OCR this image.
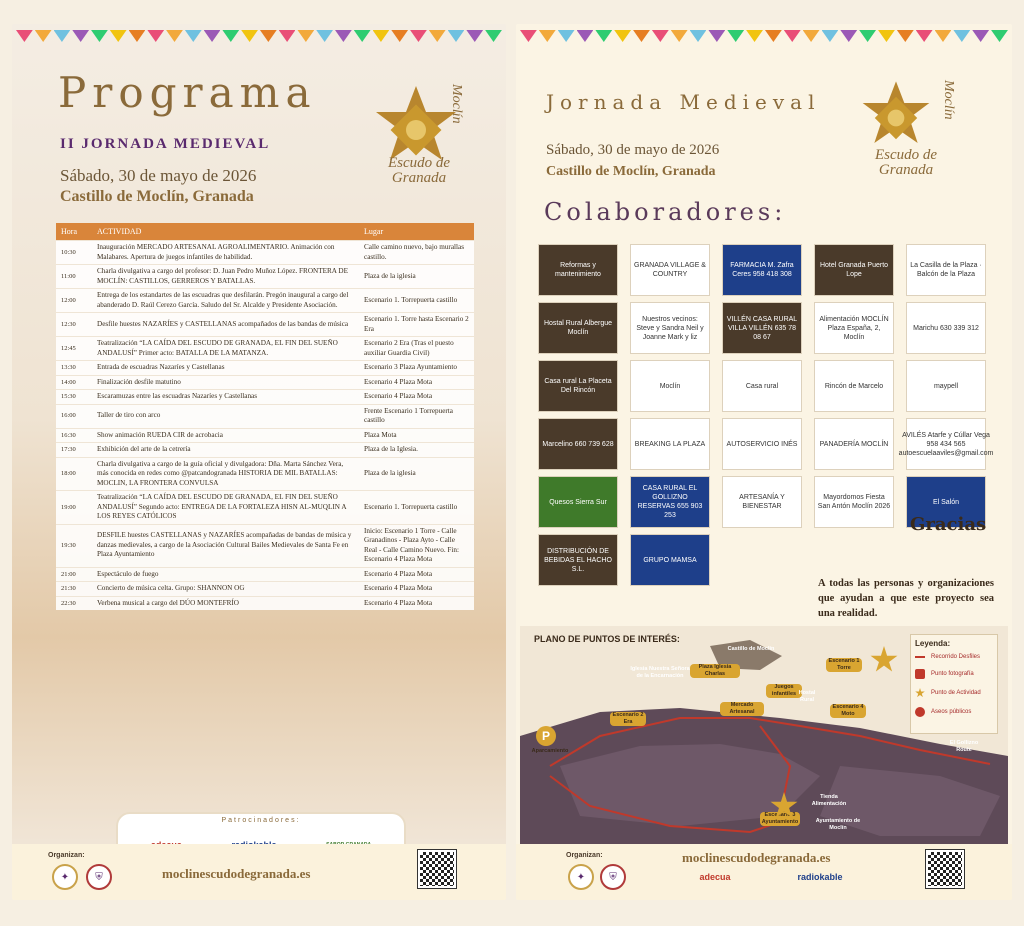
Programa
II JORNADA MEDIEVAL
Sábado, 30 de mayo de 2026
Castillo de Moclín, Granada
Moclín
Escudo de Granada
Hora	ACTIVIDAD	Lugar
10:30	Inauguración MERCADO ARTESANAL AGROALIMENTARIO. Animación con Malabares. Apertura de juegos infantiles de habilidad.	Calle camino nuevo, bajo murallas castillo.
11:00	Charla divulgativa a cargo del profesor: D. Juan Pedro Muñoz López. FRONTERA DE MOCLÍN: CASTILLOS, GERREROS Y BATALLAS.	Plaza de la iglesia
12:00	Entrega de los estandartes de las escuadras que desfilarán. Pregón inaugural a cargo del abanderado D. Raúl Cerezo García. Saludo del Sr. Alcalde y Presidente Asociación.	Escenario 1. Torrepuerta castillo
12:30	Desfile huestes NAZARÍES y CASTELLANAS acompañados de las bandas de música	Escenario 1. Torre hasta Escenario 2 Era
12:45	Teatralización “LA CAÍDA DEL ESCUDO DE GRANADA, EL FIN DEL SUEÑO ANDALUSÍ” Primer acto: BATALLA DE LA MATANZA.	Escenario 2 Era (Tras el puesto auxiliar Guardia Civil)
13:30	Entrada de escuadras Nazaríes y Castellanas	Escenario 3 Plaza Ayuntamiento
14:00	Finalización desfile matutino	Escenario 4 Plaza Mota
15:30	Escaramuzas entre las escuadras Nazaríes y Castellanas	Escenario 4 Plaza Mota
16:00	Taller de tiro con arco	Frente Escenario 1 Torrepuerta castillo
16:30	Show animación RUEDA CIR de acrobacia	Plaza Mota
17:30	Exhibición del arte de la cetrería	Plaza de la Iglesia.
18:00	Charla divulgativa a cargo de la guía oficial y divulgadora: Dña. Marta Sánchez Vera, más conocida en redes como @patcandogranada HISTORIA DE MIL BATALLAS: MOCLIN, LA FRONTERA CONVULSA	Plaza de la iglesia
19:00	Teatralización “LA CAÍDA DEL ESCUDO DE GRANADA, EL FIN DEL SUEÑO ANDALUSÍ” Segundo acto: ENTREGA DE LA FORTALEZA HISN AL-MUQLIN A LOS REYES CATÓLICOS	Escenario 1. Torrepuerta castillo
19:30	DESFILE huestes CASTELLANAS y NAZARÍES acompañadas de bandas de música y danzas medievales, a cargo de la Asociación Cultural Bailes Medievales de Santa Fe en Plaza Ayuntamiento	Inicio: Escenario 1 Torre - Calle Granadinos - Plaza Ayto - Calle Real - Calle Camino Nuevo. Fin: Escenario 4 Plaza Mota
21:00	Espectáculo de fuego	Escenario 4 Plaza Mota
21:30	Concierto de música celta. Grupo: SHANNON OG	Escenario 4 Plaza Mota
22:30	Verbena musical a cargo del DÚO MONTEFRÍO	Escenario 4 Plaza Mota
Patrocinadores:
Organizan:
✦	⛨	moclinescudodegranada.es
Jornada Medieval
Sábado, 30 de mayo de 2026
Castillo de Moclín, Granada
Moclín
Escudo de Granada
Colaboradores:
Reformas y mantenimiento
GRANADA VILLAGE & COUNTRY
FARMACIA M. Zafra Ceres 958 418 308
Hotel Granada Puerto Lope
La Casilla de la Plaza · Balcón de la Plaza
Hostal Rural Albergue Moclín
Nuestros vecinos: Steve y Sandra Neil y Joanne Mark y liz
VILLÉN CASA RURAL VILLA VILLÉN 635 78 08 67
Alimentación MOCLÍN Plaza España, 2, Moclín
Marichu 630 339 312
Casa rural La Placeta Del Rincón
Moclín	Casa rural	Rincón de Marcelo	maypell
Marcelino 660 739 628	BREAKING LA PLAZA	AUTOSERVICIO INÉS	PANADERÍA MOCLÍN
AVILÉS Atarfe y Cúllar Vega 958 434 565 autoescuelaaviles@gmail.com
Quesos Sierra Sur
CASA RURAL EL GOLLIZNO RESERVAS 655 903 253
ARTESANÍA Y BIENESTAR
Mayordomos Fiesta San Antón Moclín 2026
El Salón
DISTRIBUCIÓN DE BEBIDAS EL HACHO S.L.
GRUPO MAMSA
Gracias
A todas las personas y organizaciones que ayudan a que este proyecto sea una realidad.
PLANO DE PUNTOS DE INTERÉS:	Leyenda:
Recorrido Desfiles
Punto fotografía
Punto de Actividad
Aseos públicos
Castillo de Moclín
Iglesia Nuestra Señora de la Encarnación
Plaza Iglesia Charlas
Mercado Artesanal
Juegos infantiles
Escenario 1 Torre
Escenario 4 Moto
Escenario 2 Era
Escenario 3 Ayuntamiento
Tienda Alimentación
Ayuntamiento de Moclín
El Gollizno Route
Aparcamiento
Hostal Rural
P
Organizan:
✦	⛨
moclinescudodegranada.es
adecua	radiokable
